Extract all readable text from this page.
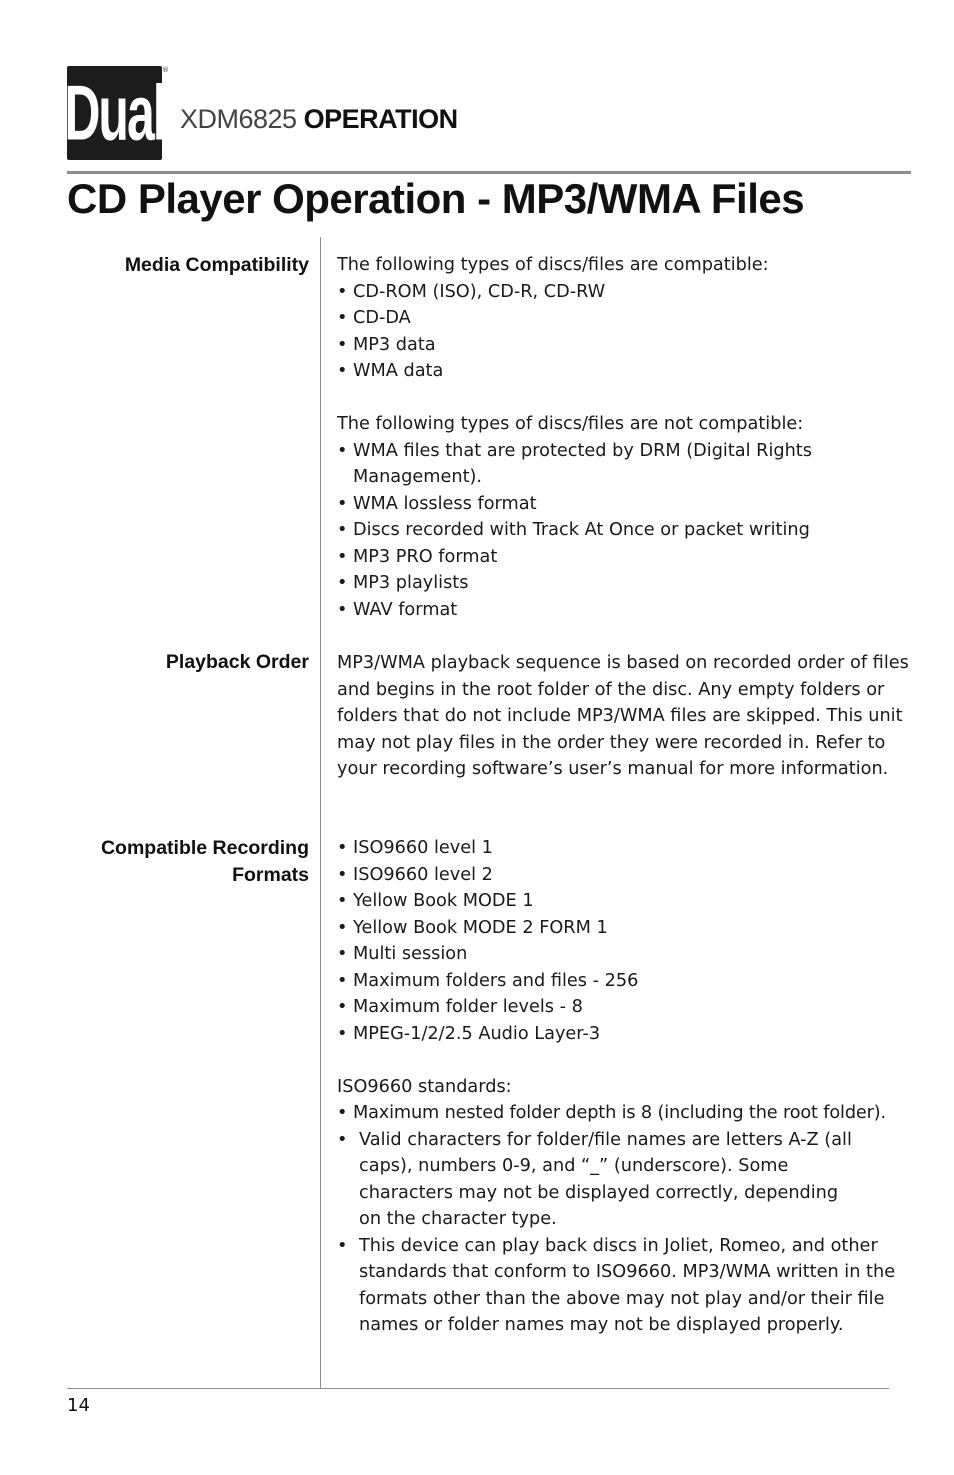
Dual
®
XDM6825 OPERATION
CD Player Operation - MP3/WMA Files
Media Compatibility The following types of discs/files are compatible:
• CD-ROM (ISO), CD-R, CD-RW
• CD-DA
• MP3 data
• WMA data
The following types of discs/files are not compatible:
• WMA files that are protected by DRM (Digital Rights Management).
• WMA lossless format
• Discs recorded with Track At Once or packet writing
• MP3 PRO format
• MP3 playlists
• WAV format
Playback Order MP3/WMA playback sequence is based on recorded order of files and begins in the root folder of the disc. Any empty folders or folders that do not include MP3/WMA files are skipped. This unit may not play files in the order they were recorded in. Refer to your recording software’s user’s manual for more information.
Compatible Recording
Formats
• ISO9660 level 1
• ISO9660 level 2
• Yellow Book MODE 1
• Yellow Book MODE 2 FORM 1
• Multi session
• Maximum folders and files - 256
• Maximum folder levels - 8
• MPEG-1/2/2.5 Audio Layer-3
ISO9660 standards:
• Maximum nested folder depth is 8 (including the root folder).
• Valid characters for folder/file names are letters A-Z (all caps), numbers 0-9, and “_” (underscore). Some characters may not be displayed correctly, depending on the character type.
• This device can play back discs in Joliet, Romeo, and other standards that conform to ISO9660. MP3/WMA written in the formats other than the above may not play and/or their file names or folder names may not be displayed properly.
14
